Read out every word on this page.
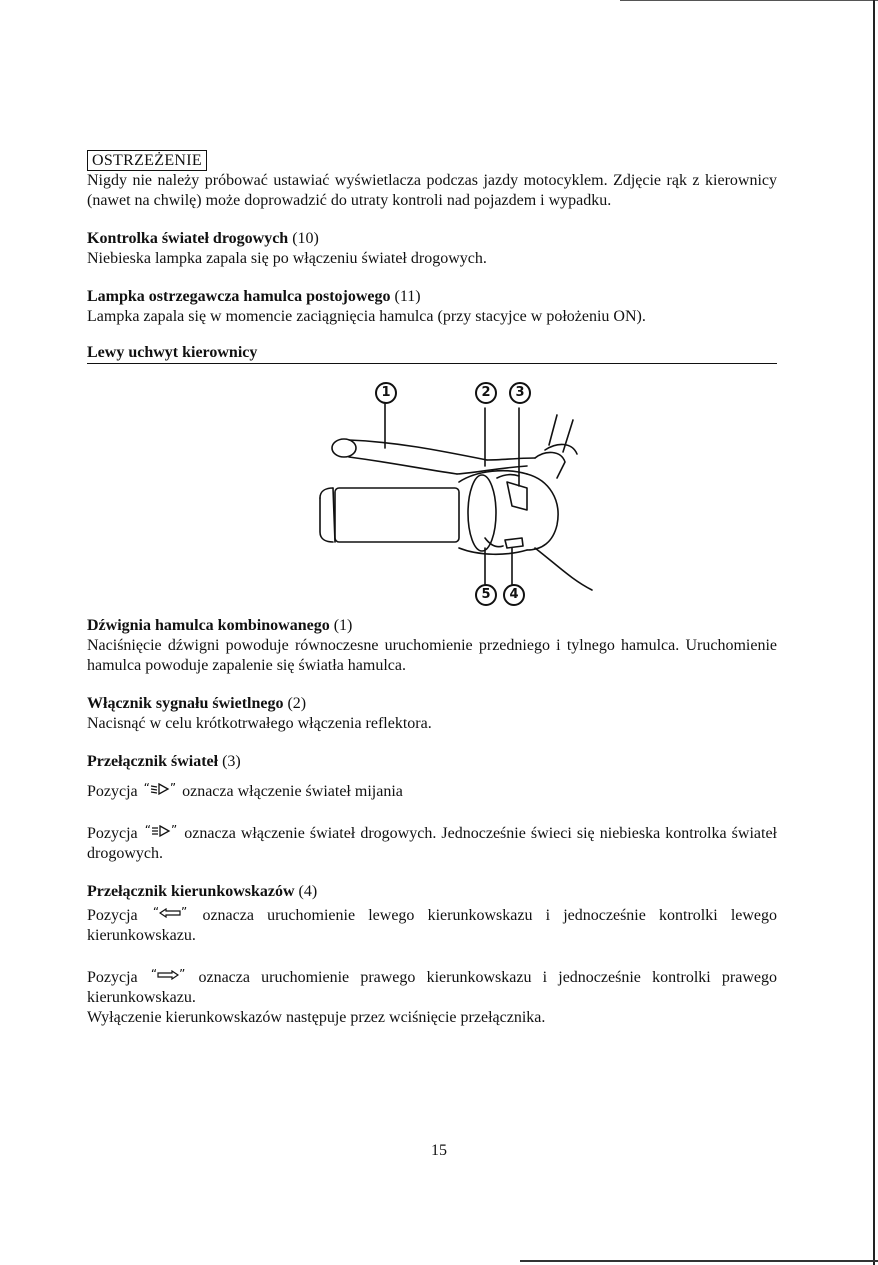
OSTRZEŻENIE

Nigdy nie należy próbować ustawiać wyświetlacza podczas jazdy motocyklem. Zdjęcie rąk z kierownicy (nawet na chwilę) może doprowadzić do utraty kontroli nad pojazdem i wypadku.

Kontrolka świateł drogowych (10)

Niebieska lampka zapala się po włączeniu świateł drogowych.

Lampka ostrzegawcza hamulca postojowego (11)

Lampka zapala się w momencie zaciągnięcia hamulca (przy stacyjce w położeniu ON).

Lewy uchwyt kierownicy
1	2	3
5	4

Dźwignia hamulca kombinowanego (1)

Naciśnięcie dźwigni powoduje równoczesne uruchomienie przedniego i tylnego hamulca. Uruchomienie hamulca powoduje zapalenie się światła hamulca.

Włącznik sygnału świetlnego (2)

Nacisnąć w celu krótkotrwałego włączenia reflektora.

Przełącznik świateł (3)

Pozycja “ ” oznacza włączenie świateł mijania

Pozycja “ ” oznacza włączenie świateł drogowych. Jednocześnie świeci się niebieska kontrolka świateł drogowych.

Przełącznik kierunkowskazów (4)

Pozycja “ ” oznacza uruchomienie lewego kierunkowskazu i jednocześnie kontrolki lewego kierunkowskazu.

Pozycja “ ” oznacza uruchomienie prawego kierunkowskazu i jednocześnie kontrolki prawego kierunkowskazu.

Wyłączenie kierunkowskazów następuje przez wciśnięcie przełącznika.

15
